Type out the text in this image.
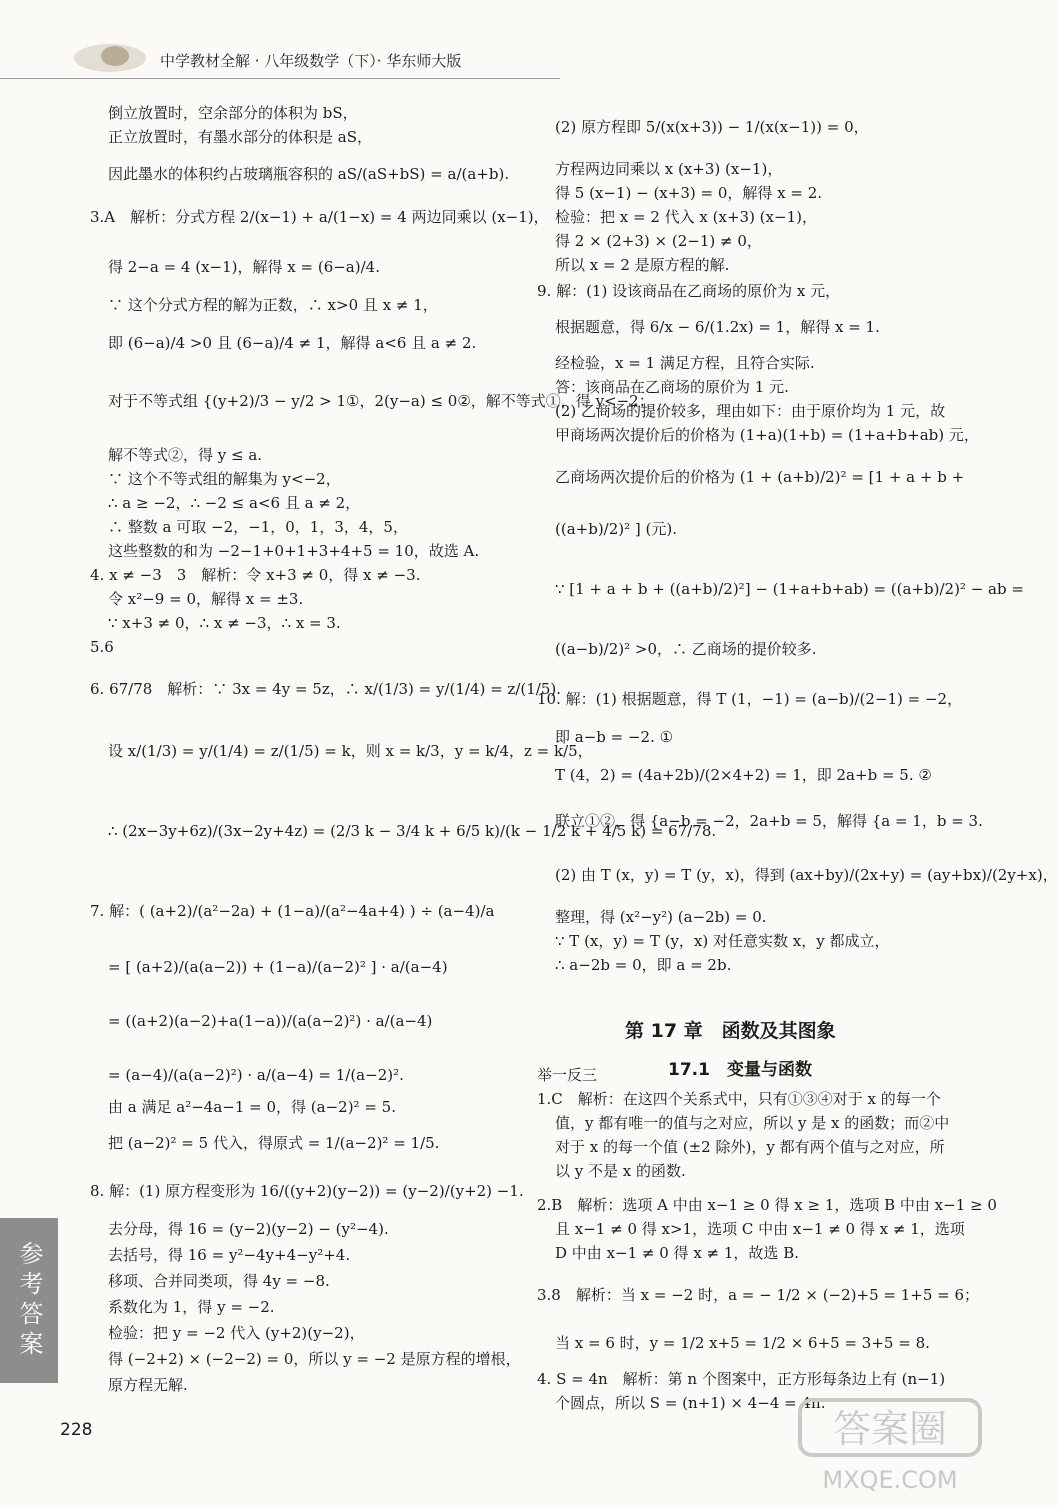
中学教材全解 · 八年级数学（下）· 华东师大版
倒立放置时，空余部分的体积为 bS，
正立放置时，有墨水部分的体积是 aS，
因此墨水的体积约占玻璃瓶容积的 aS/(aS+bS) = a/(a+b).
3.A　解析：分式方程 2/(x−1) + a/(1−x) = 4 两边同乘以 (x−1)，
得 2−a = 4 (x−1)，解得 x = (6−a)/4.
∵ 这个分式方程的解为正数，∴ x>0 且 x ≠ 1，
即 (6−a)/4 >0 且 (6−a)/4 ≠ 1，解得 a<6 且 a ≠ 2.
对于不等式组 {(y+2)/3 − y/2 > 1①，2(y−a) ≤ 0②，解不等式①，得 y<−2；
解不等式②，得 y ≤ a.
∵ 这个不等式组的解集为 y<−2，
∴ a ≥ −2，∴ −2 ≤ a<6 且 a ≠ 2，
∴ 整数 a 可取 −2，−1，0，1，3，4，5，
这些整数的和为 −2−1+0+1+3+4+5 = 10，故选 A.
4. x ≠ −3　3　解析：令 x+3 ≠ 0，得 x ≠ −3.
令 x²−9 = 0，解得 x = ±3.
∵ x+3 ≠ 0，∴ x ≠ −3，∴ x = 3.
5.6
6. 67/78　解析：∵ 3x = 4y = 5z，∴ x/(1/3) = y/(1/4) = z/(1/5).
设 x/(1/3) = y/(1/4) = z/(1/5) = k，则 x = k/3，y = k/4，z = k/5，
∴ (2x−3y+6z)/(3x−2y+4z) = (2/3 k − 3/4 k + 6/5 k)/(k − 1/2 k + 4/5 k) = 67/78.
7. 解：( (a+2)/(a²−2a) + (1−a)/(a²−4a+4) ) ÷ (a−4)/a
= [ (a+2)/(a(a−2)) + (1−a)/(a−2)² ] · a/(a−4)
= ((a+2)(a−2)+a(1−a))/(a(a−2)²) · a/(a−4)
= (a−4)/(a(a−2)²) · a/(a−4) = 1/(a−2)².
由 a 满足 a²−4a−1 = 0，得 (a−2)² = 5.
把 (a−2)² = 5 代入，得原式 = 1/(a−2)² = 1/5.
8. 解：(1) 原方程变形为 16/((y+2)(y−2)) = (y−2)/(y+2) −1.
去分母，得 16 = (y−2)(y−2) − (y²−4).
去括号，得 16 = y²−4y+4−y²+4.
移项、合并同类项，得 4y = −8.
系数化为 1，得 y = −2.
检验：把 y = −2 代入 (y+2)(y−2)，
得 (−2+2) × (−2−2) = 0，所以 y = −2 是原方程的增根，
原方程无解.
(2) 原方程即 5/(x(x+3)) − 1/(x(x−1)) = 0，
方程两边同乘以 x (x+3) (x−1)，
得 5 (x−1) − (x+3) = 0，解得 x = 2.
检验：把 x = 2 代入 x (x+3) (x−1)，
得 2 × (2+3) × (2−1) ≠ 0，
所以 x = 2 是原方程的解.
9. 解：(1) 设该商品在乙商场的原价为 x 元，
根据题意，得 6/x − 6/(1.2x) = 1，解得 x = 1.
经检验，x = 1 满足方程，且符合实际.
答：该商品在乙商场的原价为 1 元.
(2) 乙商场的提价较多，理由如下：由于原价均为 1 元，故
甲商场两次提价后的价格为 (1+a)(1+b) = (1+a+b+ab) 元，
乙商场两次提价后的价格为 (1 + (a+b)/2)² = [1 + a + b +
((a+b)/2)² ] (元).
∵ [1 + a + b + ((a+b)/2)²] − (1+a+b+ab) = ((a+b)/2)² − ab =
((a−b)/2)² >0，∴ 乙商场的提价较多.
10. 解：(1) 根据题意，得 T (1，−1) = (a−b)/(2−1) = −2，
即 a−b = −2. ①
T (4，2) = (4a+2b)/(2×4+2) = 1，即 2a+b = 5. ②
联立①②，得 {a−b = −2，2a+b = 5，解得 {a = 1，b = 3.
(2) 由 T (x，y) = T (y，x)，得到 (ax+by)/(2x+y) = (ay+bx)/(2y+x)，
整理，得 (x²−y²) (a−2b) = 0.
∵ T (x，y) = T (y，x) 对任意实数 x，y 都成立，
∴ a−2b = 0，即 a = 2b.
举一反三
1.C　解析：在这四个关系式中，只有①③④对于 x 的每一个
值，y 都有唯一的值与之对应，所以 y 是 x 的函数；而②中
对于 x 的每一个值 (±2 除外)，y 都有两个值与之对应，所
以 y 不是 x 的函数.
2.B　解析：选项 A 中由 x−1 ≥ 0 得 x ≥ 1，选项 B 中由 x−1 ≥ 0
且 x−1 ≠ 0 得 x>1，选项 C 中由 x−1 ≠ 0 得 x ≠ 1，选项
D 中由 x−1 ≠ 0 得 x ≠ 1，故选 B.
3.8　解析：当 x = −2 时，a = − 1/2 × (−2)+5 = 1+5 = 6；
当 x = 6 时，y = 1/2 x+5 = 1/2 × 6+5 = 3+5 = 8.
4. S = 4n　解析：第 n 个图案中，正方形每条边上有 (n−1)
个圆点，所以 S = (n+1) × 4−4 = 4n.
第 17 章　函数及其图象
17.1　变量与函数
参考答案
228	答案圈
MXQE.COM
